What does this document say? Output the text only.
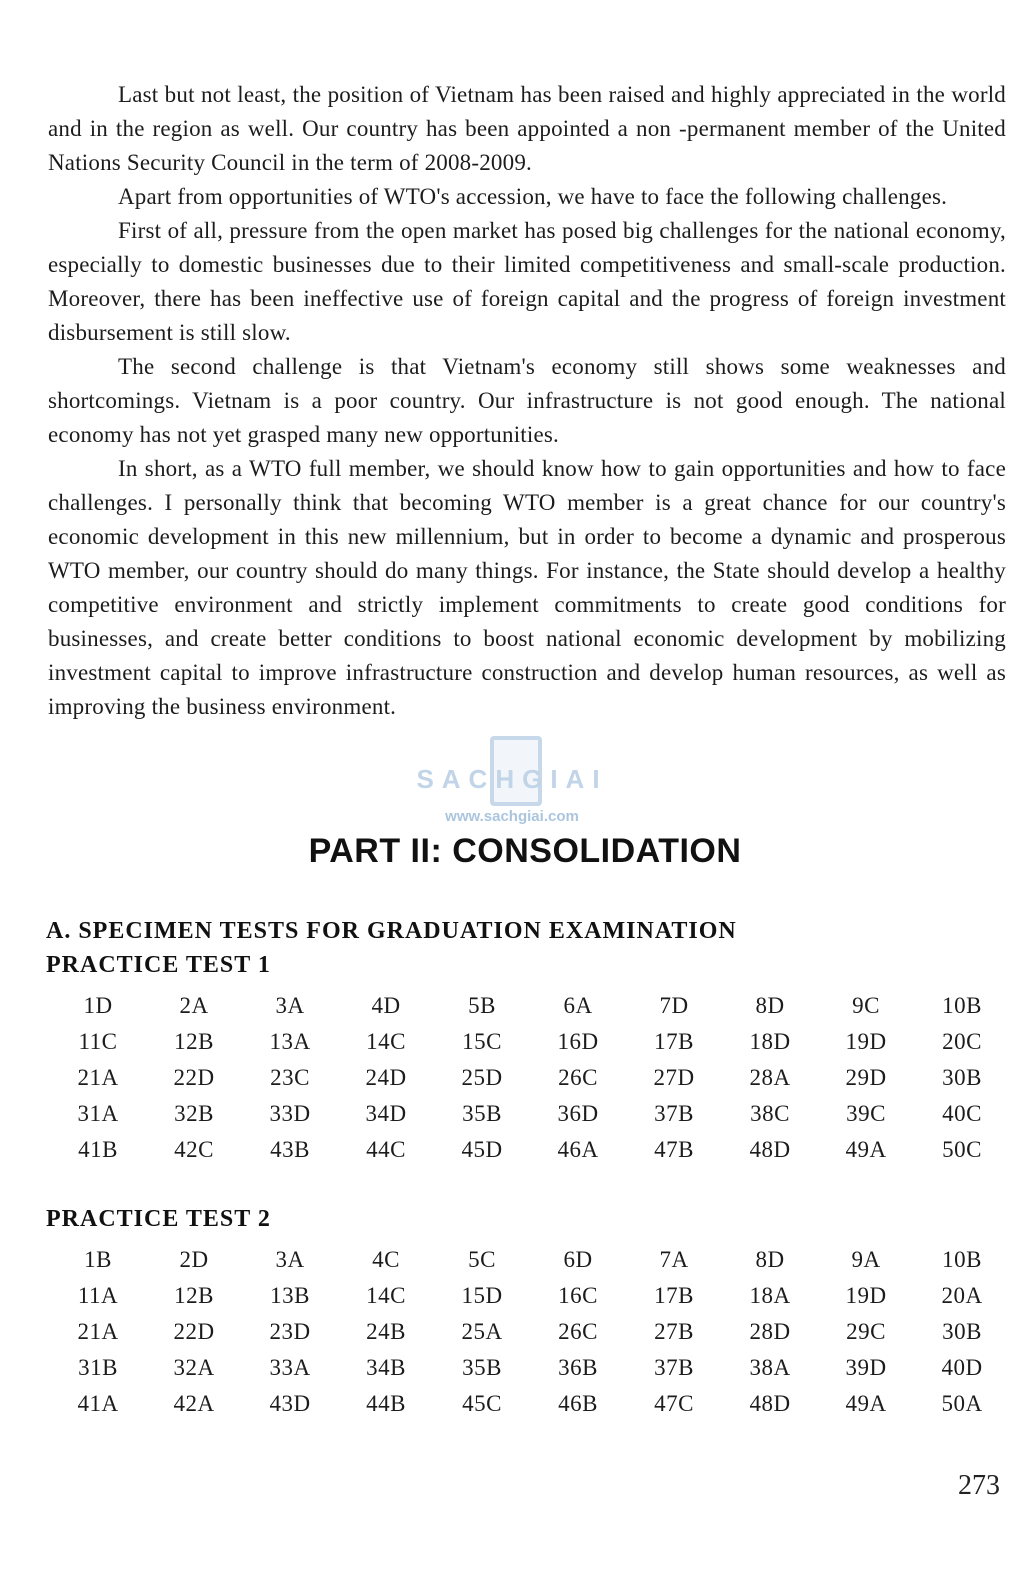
Last but not least, the position of Vietnam has been raised and highly appreciated in the world and in the region as well. Our country has been appointed a non -permanent member of the United Nations Security Council in the term of 2008-2009.

Apart from opportunities of WTO's accession, we have to face the following challenges.

First of all, pressure from the open market has posed big challenges for the national economy, especially to domestic businesses due to their limited competitiveness and small-scale production. Moreover, there has been ineffective use of foreign capital and the progress of foreign investment disbursement is still slow.

The second challenge is that Vietnam's economy still shows some weaknesses and shortcomings. Vietnam is a poor country. Our infrastructure is not good enough. The national economy has not yet grasped many new opportunities.

In short, as a WTO full member, we should know how to gain opportunities and how to face challenges. I personally think that becoming WTO member is a great chance for our country's economic development in this new millennium, but in order to become a dynamic and prosperous WTO member, our country should do many things. For instance, the State should develop a healthy competitive environment and strictly implement commitments to create good conditions for businesses, and create better conditions to boost national economic development by mobilizing investment capital to improve infrastructure construction and develop human resources, as well as improving the business environment.

SACHGIAI
www.sachgiai.com
PART II: CONSOLIDATION
A. SPECIMEN TESTS FOR GRADUATION EXAMINATION
PRACTICE TEST 1
1D	2A	3A	4D	5B	6A	7D	8D	9C	10B
11C	12B	13A	14C	15C	16D	17B	18D	19D	20C
21A	22D	23C	24D	25D	26C	27D	28A	29D	30B
31A	32B	33D	34D	35B	36D	37B	38C	39C	40C
41B	42C	43B	44C	45D	46A	47B	48D	49A	50C
PRACTICE TEST 2
1B	2D	3A	4C	5C	6D	7A	8D	9A	10B
11A	12B	13B	14C	15D	16C	17B	18A	19D	20A
21A	22D	23D	24B	25A	26C	27B	28D	29C	30B
31B	32A	33A	34B	35B	36B	37B	38A	39D	40D
41A	42A	43D	44B	45C	46B	47C	48D	49A	50A
273
